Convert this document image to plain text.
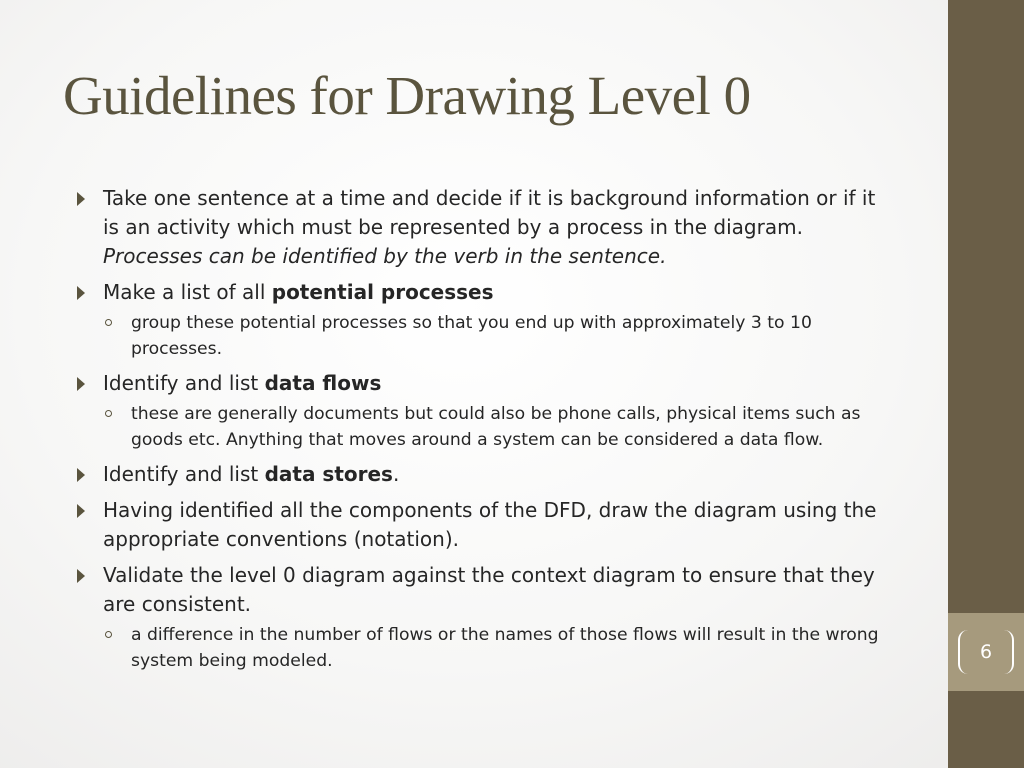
Guidelines for Drawing Level 0
Take one sentence at a time and decide if it is background information or if it is an activity which must be represented by a process in the diagram. Processes can be identified by the verb in the sentence.
Make a list of all potential processes
group these potential processes so that you end up with approximately 3 to 10 processes.
Identify and list data flows
these are generally documents but could also be phone calls, physical items such as goods etc. Anything that moves around a system can be considered a data flow.
Identify and list data stores.
Having identified all the components of the DFD, draw the diagram using the appropriate conventions (notation).
Validate the level 0 diagram against the context diagram to ensure that they are consistent.
a difference in the number of flows or the names of those flows will result in the wrong system being modeled.	6
